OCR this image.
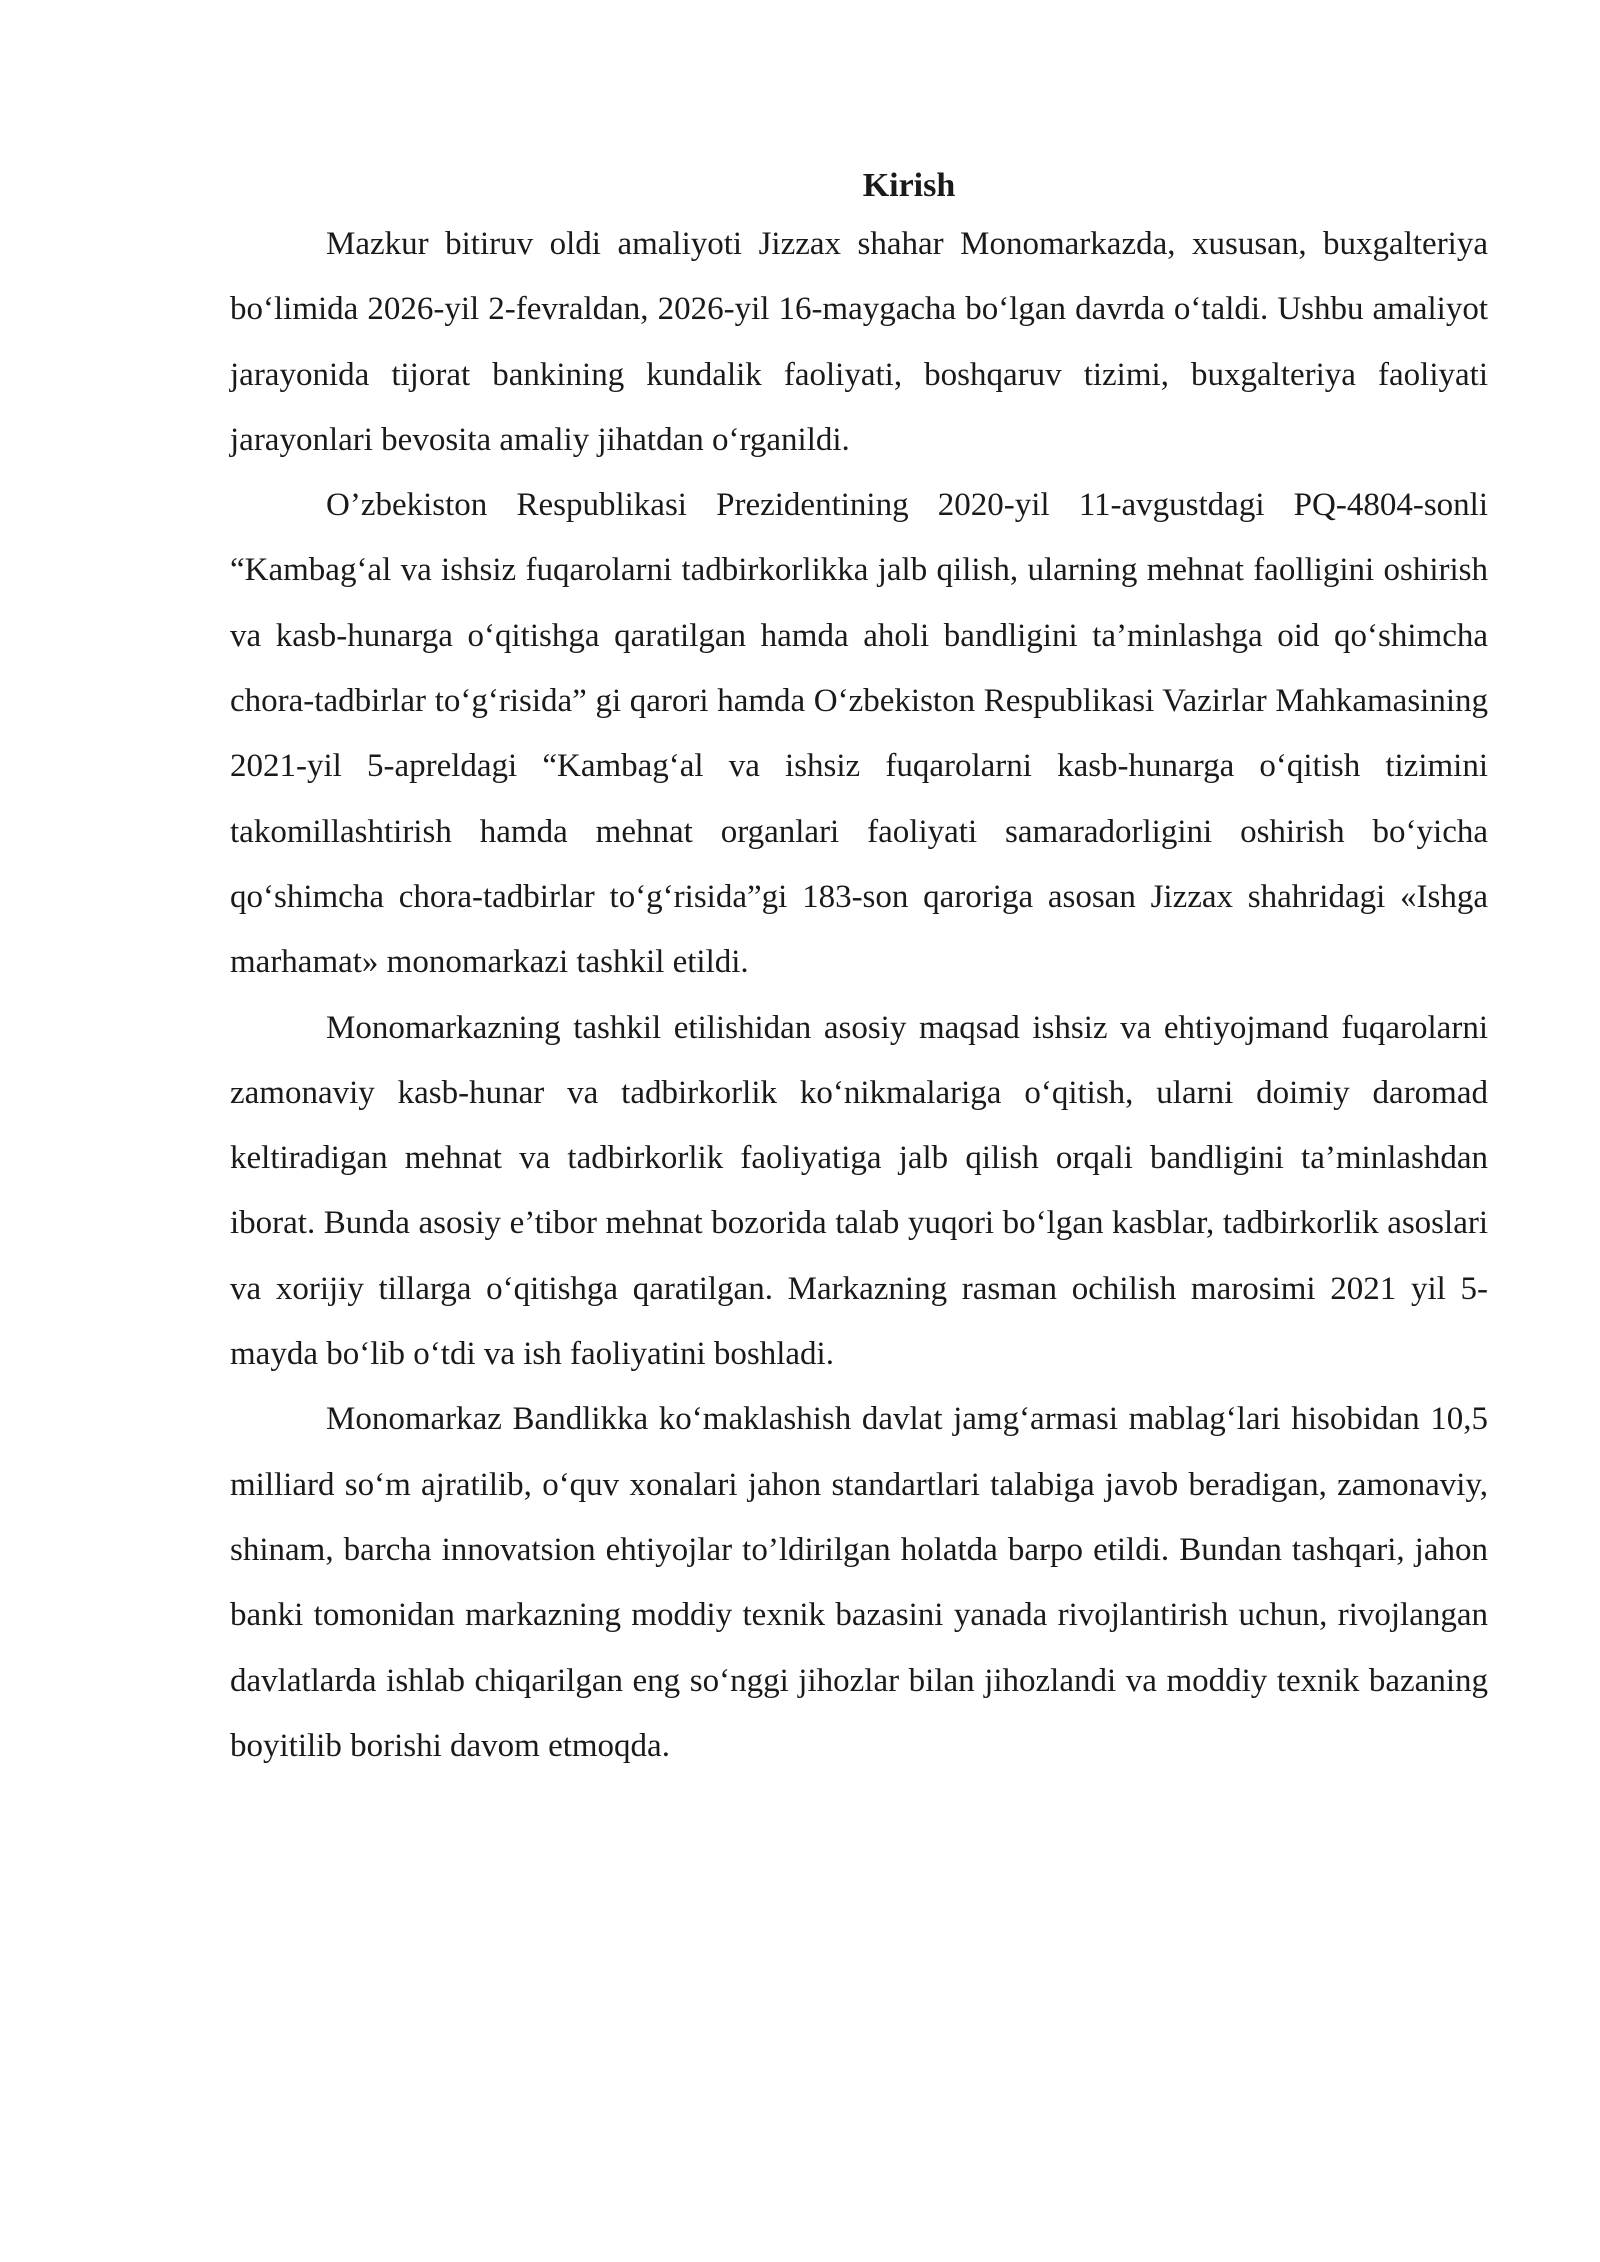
Kirish

Mazkur bitiruv oldi amaliyoti Jizzax shahar Monomarkazda, xususan, buxgalteriya bo‘limida 2026-yil 2-fevraldan, 2026-yil 16-maygacha bo‘lgan davrda o‘taldi. Ushbu amaliyot jarayonida tijorat bankining kundalik faoliyati, boshqaruv tizimi, buxgalteriya faoliyati jarayonlari bevosita amaliy jihatdan o‘rganildi.

O’zbekiston Respublikasi Prezidentining 2020-yil 11-avgustdagi PQ-4804-sonli “Kambag‘al va ishsiz fuqarolarni tadbirkorlikka jalb qilish, ularning mehnat faolligini oshirish va kasb-hunarga o‘qitishga qaratilgan hamda aholi bandligini ta’minlashga oid qo‘shimcha chora-tadbirlar to‘g‘risida” gi qarori hamda O‘zbekiston Respublikasi Vazirlar Mahkamasining 2021-yil 5-apreldagi “Kambag‘al va ishsiz fuqarolarni kasb-hunarga o‘qitish tizimini takomillashtirish hamda mehnat organlari faoliyati samaradorligini oshirish bo‘yicha qo‘shimcha chora-tadbirlar to‘g‘risida”gi 183-son qaroriga asosan Jizzax shahridagi «Ishga marhamat» monomarkazi tashkil etildi.

Monomarkazning tashkil etilishidan asosiy maqsad ishsiz va ehtiyojmand fuqarolarni zamonaviy kasb-hunar va tadbirkorlik ko‘nikmalariga o‘qitish, ularni doimiy daromad keltiradigan mehnat va tadbirkorlik faoliyatiga jalb qilish orqali bandligini ta’minlashdan iborat. Bunda asosiy e’tibor mehnat bozorida talab yuqori bo‘lgan kasblar, tadbirkorlik asoslari va xorijiy tillarga o‘qitishga qaratilgan. Markazning rasman ochilish marosimi 2021 yil 5-mayda bo‘lib o‘tdi va ish faoliyatini boshladi.

Monomarkaz Bandlikka ko‘maklashish davlat jamg‘armasi mablag‘lari hisobidan 10,5 milliard so‘m ajratilib, o‘quv xonalari jahon standartlari talabiga javob beradigan, zamonaviy, shinam, barcha innovatsion ehtiyojlar to’ldirilgan holatda barpo etildi. Bundan tashqari, jahon banki tomonidan markazning moddiy texnik bazasini yanada rivojlantirish uchun, rivojlangan davlatlarda ishlab chiqarilgan eng so‘nggi jihozlar bilan jihozlandi va moddiy texnik bazaning boyitilib borishi davom etmoqda.
